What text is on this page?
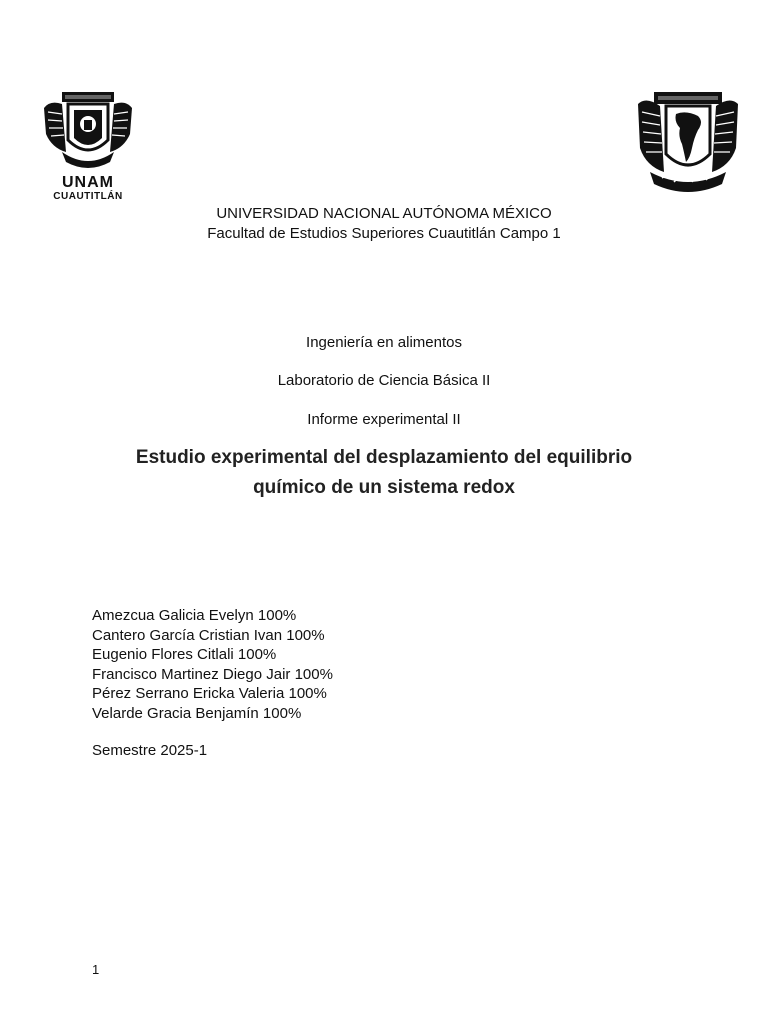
UNAM
CUAUTITLÁN
UNIVERSIDAD NACIONAL AUTÓNOMA MÉXICO
Facultad de Estudios Superiores Cuautitlán Campo 1
Ingeniería en alimentos
Laboratorio de Ciencia Básica II
Informe experimental II
Estudio experimental del desplazamiento del equilibrio
químico de un sistema redox
Amezcua Galicia Evelyn 100%
Cantero García Cristian Ivan 100%
Eugenio Flores Citlali 100%
Francisco Martinez Diego Jair 100%
Pérez Serrano Ericka Valeria 100%
Velarde Gracia Benjamín 100%
Semestre 2025-1
1
